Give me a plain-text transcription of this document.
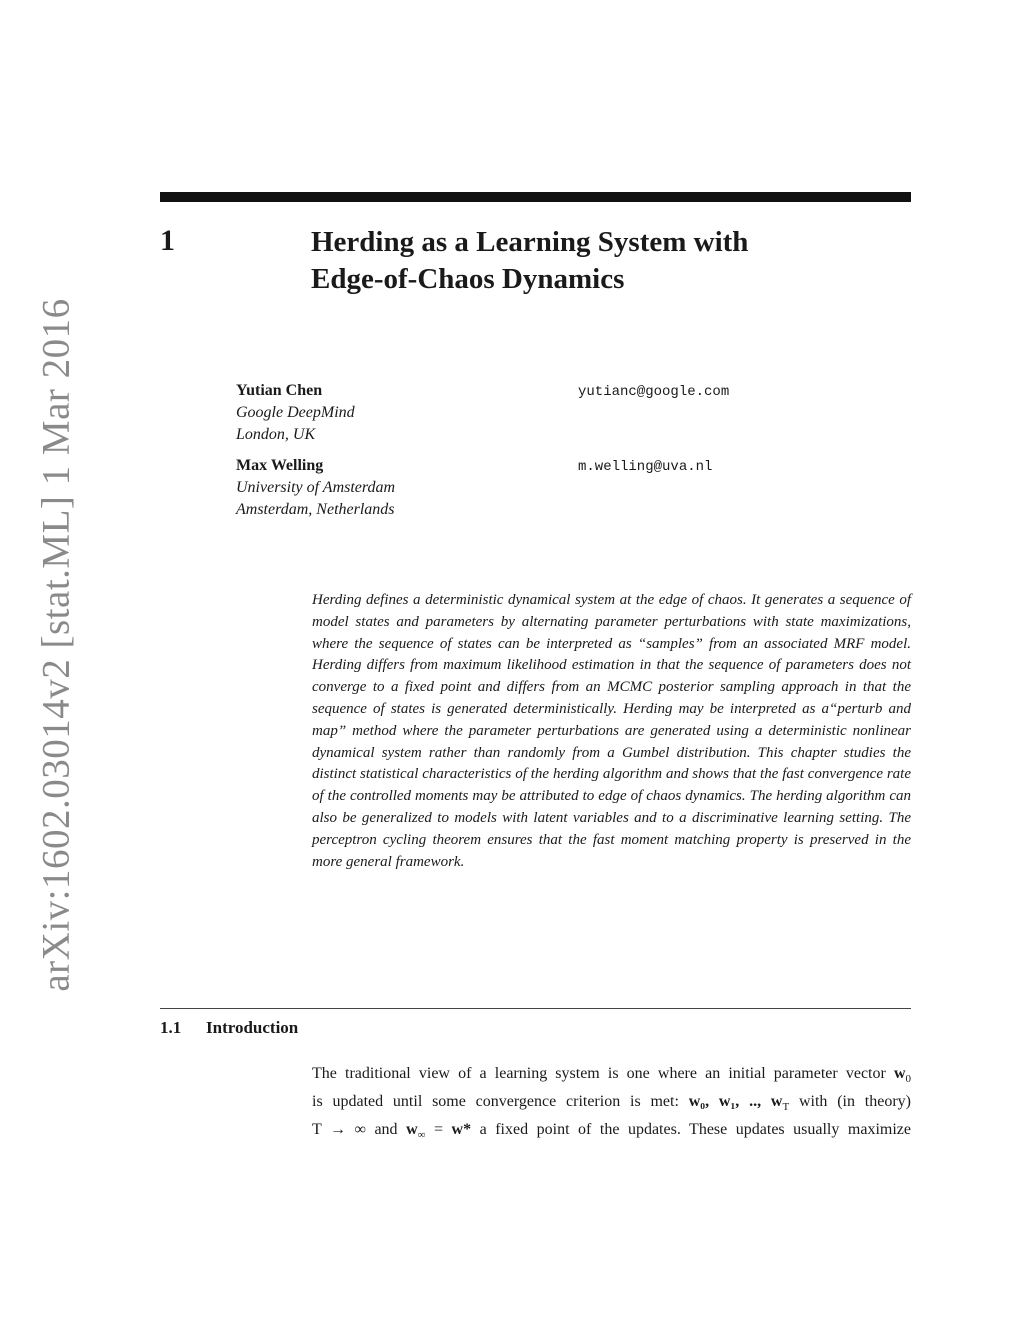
arXiv:1602.03014v2 [stat.ML] 1 Mar 2016
1	Herding as a Learning System with
Edge-of-Chaos Dynamics
Yutian Chen
Google DeepMind
London, UK
yutianc@google.com
Max Welling
University of Amsterdam
Amsterdam, Netherlands
m.welling@uva.nl
Herding defines a deterministic dynamical system at the edge of chaos. It generates a sequence of model states and parameters by alternating parameter perturbations with state maximizations, where the sequence of states can be interpreted as “samples” from an associated MRF model. Herding differs from maximum likelihood estimation in that the sequence of parameters does not converge to a fixed point and differs from an MCMC posterior sampling approach in that the sequence of states is generated deterministically. Herding may be interpreted as a“perturb and map” method where the parameter perturbations are generated using a deterministic nonlinear dynamical system rather than randomly from a Gumbel distribution. This chapter studies the distinct statistical characteristics of the herding algorithm and shows that the fast convergence rate of the controlled moments may be attributed to edge of chaos dynamics. The herding algorithm can also be generalized to models with latent variables and to a discriminative learning setting. The perceptron cycling theorem ensures that the fast moment matching property is preserved in the more general framework.
1.1 Introduction
The traditional view of a learning system is one where an initial parameter vector $w_0$
is updated until some convergence criterion is met: w₀, w₁, .., $w_T$ with (in theory)
T → ∞ and $w_\infty = w*$ a fixed point of the updates. These updates usually maximize
